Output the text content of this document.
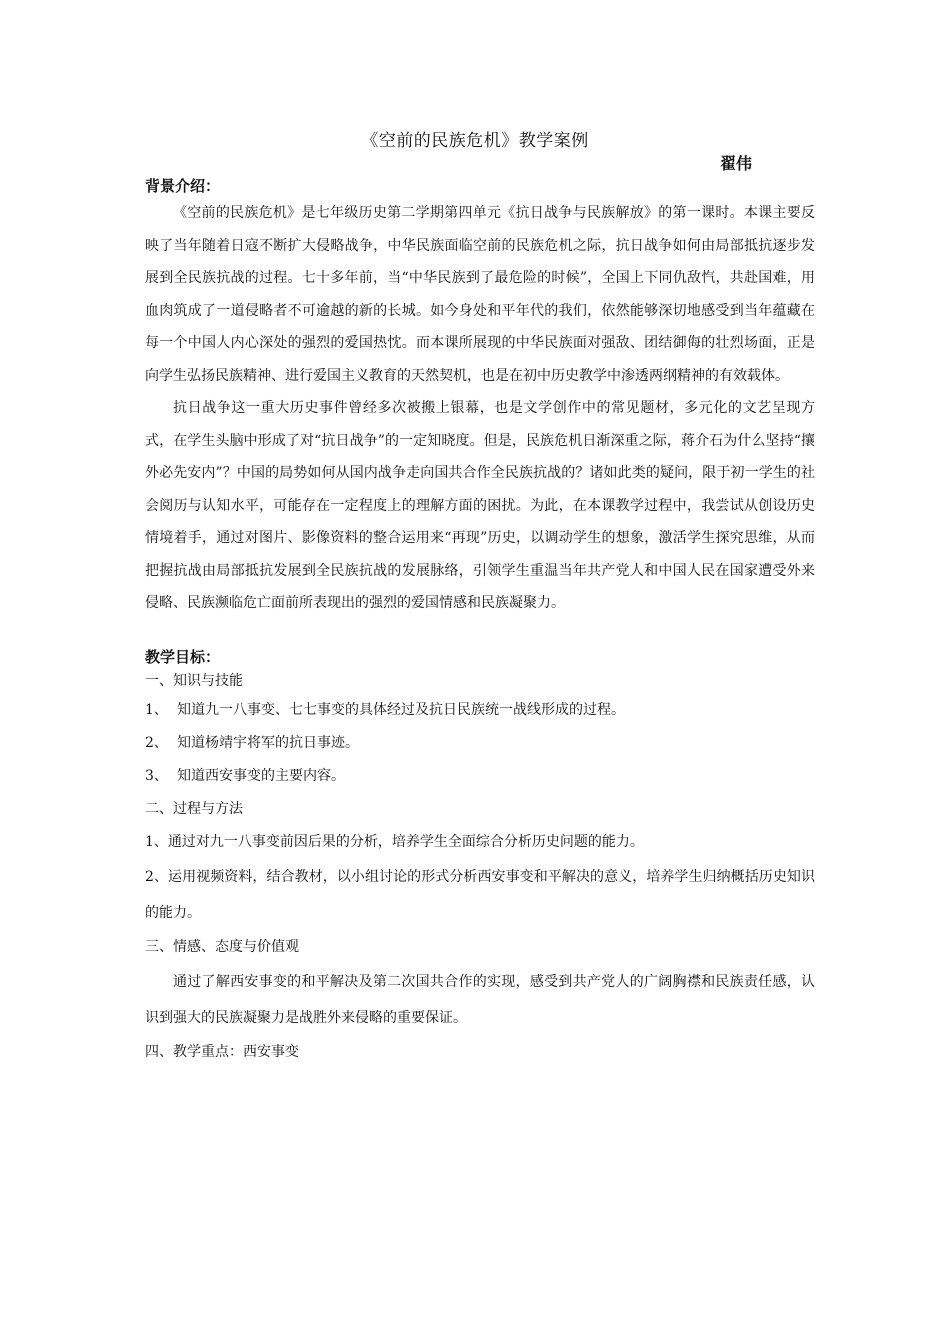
《空前的民族危机》教学案例
翟伟
背景介绍：

《空前的民族危机》是七年级历史第二学期第四单元《抗日战争与民族解放》的第一课时。本课主要反映了当年随着日寇不断扩大侵略战争，中华民族面临空前的民族危机之际，抗日战争如何由局部抵抗逐步发展到全民族抗战的过程。七十多年前，当“中华民族到了最危险的时候”，全国上下同仇敌忾，共赴国难，用血肉筑成了一道侵略者不可逾越的新的长城。如今身处和平年代的我们，依然能够深切地感受到当年蕴藏在每一个中国人内心深处的强烈的爱国热忱。而本课所展现的中华民族面对强敌、团结御侮的壮烈场面，正是向学生弘扬民族精神、进行爱国主义教育的天然契机，也是在初中历史教学中渗透两纲精神的有效载体。

抗日战争这一重大历史事件曾经多次被搬上银幕，也是文学创作中的常见题材，多元化的文艺呈现方式，在学生头脑中形成了对“抗日战争”的一定知晓度。但是，民族危机日渐深重之际，蒋介石为什么坚持“攘外必先安内”？中国的局势如何从国内战争走向国共合作全民族抗战的？诸如此类的疑问，限于初一学生的社会阅历与认知水平，可能存在一定程度上的理解方面的困扰。为此，在本课教学过程中，我尝试从创设历史情境着手，通过对图片、影像资料的整合运用来“再现”历史，以调动学生的想象，激活学生探究思维，从而把握抗战由局部抵抗发展到全民族抗战的发展脉络，引领学生重温当年共产党人和中国人民在国家遭受外来侵略、民族濒临危亡面前所表现出的强烈的爱国情感和民族凝聚力。

教学目标：

一、知识与技能

1、 知道九一八事变、七七事变的具体经过及抗日民族统一战线形成的过程。

2、 知道杨靖宇将军的抗日事迹。

3、 知道西安事变的主要内容。

二、过程与方法

1、通过对九一八事变前因后果的分析，培养学生全面综合分析历史问题的能力。

2、运用视频资料，结合教材，以小组讨论的形式分析西安事变和平解决的意义，培养学生归纳概括历史知识的能力。

三、情感、态度与价值观

通过了解西安事变的和平解决及第二次国共合作的实现，感受到共产党人的广阔胸襟和民族责任感，认识到强大的民族凝聚力是战胜外来侵略的重要保证。

四、教学重点：西安事变
